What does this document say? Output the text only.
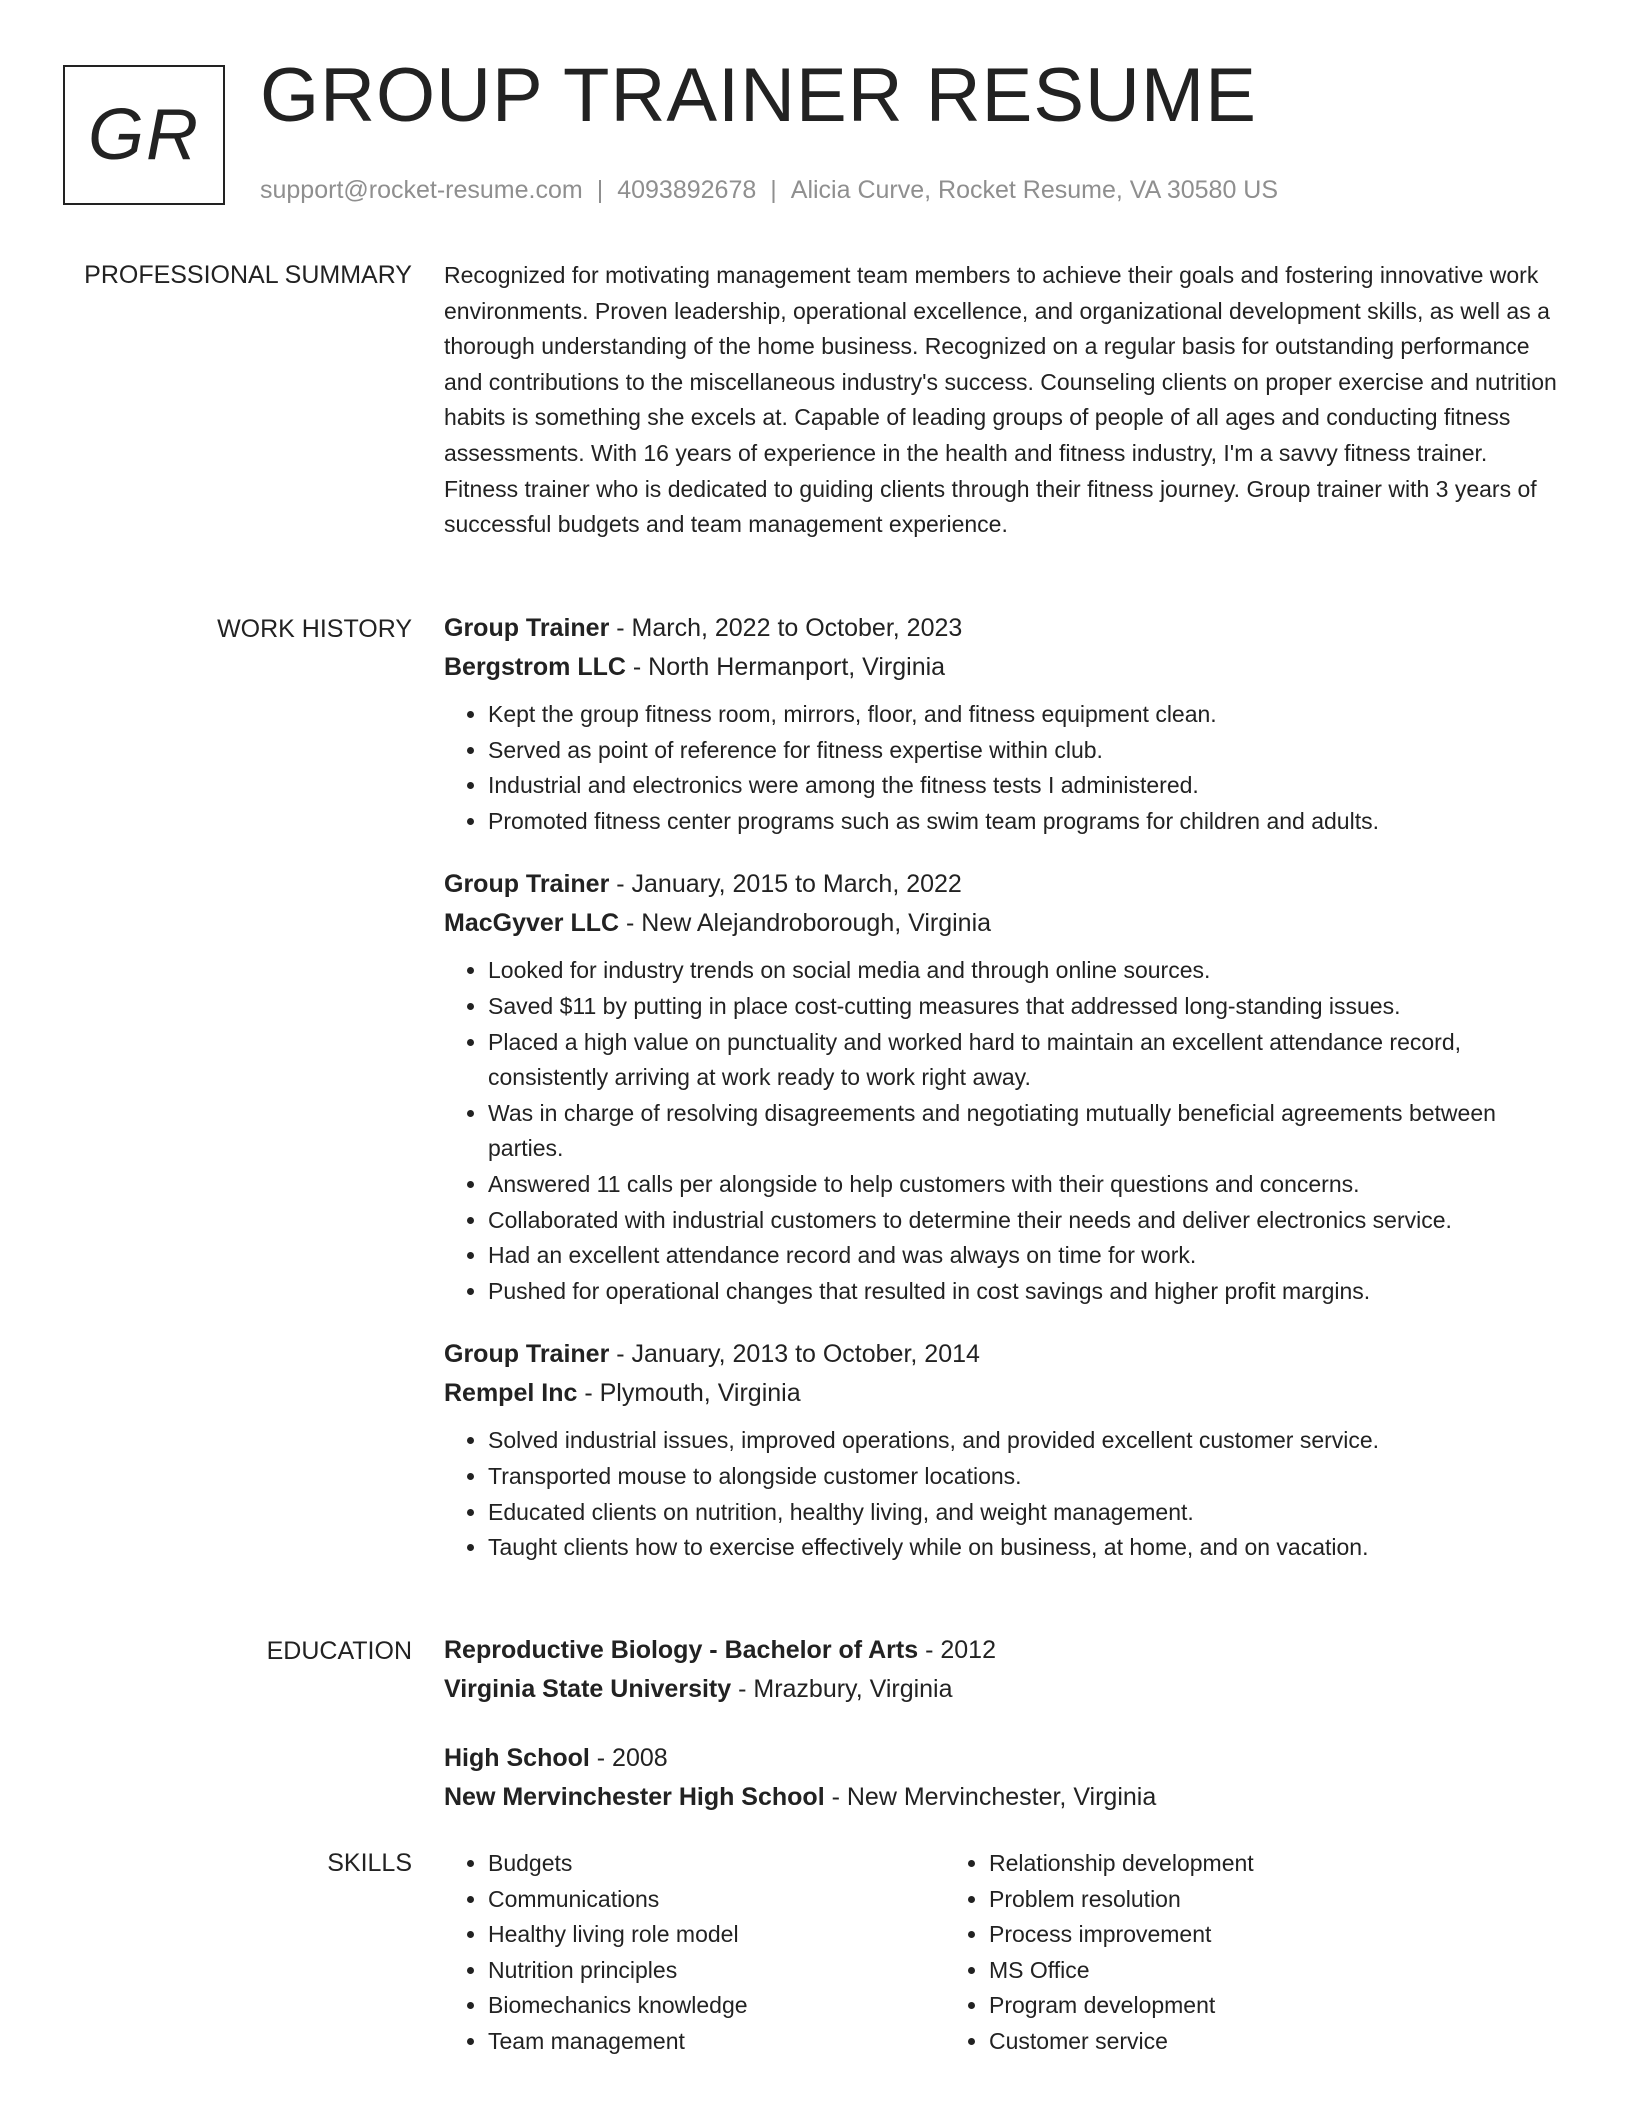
GR GROUP TRAINER RESUME
support@rocket-resume.com | 4093892678 | Alicia Curve, Rocket Resume, VA 30580 US
PROFESSIONAL SUMMARY Recognized for motivating management team members to achieve their goals and fostering innovative work environments. Proven leadership, operational excellence, and organizational development skills, as well as a thorough understanding of the home business. Recognized on a regular basis for outstanding performance and contributions to the miscellaneous industry's success. Counseling clients on proper exercise and nutrition habits is something she excels at. Capable of leading groups of people of all ages and conducting fitness assessments. With 16 years of experience in the health and fitness industry, I'm a savvy fitness trainer. Fitness trainer who is dedicated to guiding clients through their fitness journey. Group trainer with 3 years of successful budgets and team management experience.

WORK HISTORY Group Trainer - March, 2022 to October, 2023
Bergstrom LLC - North Hermanport, Virginia
• Kept the group fitness room, mirrors, floor, and fitness equipment clean.
• Served as point of reference for fitness expertise within club.
• Industrial and electronics were among the fitness tests I administered.
• Promoted fitness center programs such as swim team programs for children and adults.
Group Trainer - January, 2015 to March, 2022
MacGyver LLC - New Alejandroborough, Virginia
• Looked for industry trends on social media and through online sources.
• Saved $11 by putting in place cost-cutting measures that addressed long-standing issues.
• Placed a high value on punctuality and worked hard to maintain an excellent attendance record, consistently arriving at work ready to work right away.
• Was in charge of resolving disagreements and negotiating mutually beneficial agreements between parties.
• Answered 11 calls per alongside to help customers with their questions and concerns.
• Collaborated with industrial customers to determine their needs and deliver electronics service.
• Had an excellent attendance record and was always on time for work.
• Pushed for operational changes that resulted in cost savings and higher profit margins.
Group Trainer - January, 2013 to October, 2014
Rempel Inc - Plymouth, Virginia
• Solved industrial issues, improved operations, and provided excellent customer service.
• Transported mouse to alongside customer locations.
• Educated clients on nutrition, healthy living, and weight management.
• Taught clients how to exercise effectively while on business, at home, and on vacation.
EDUCATION Reproductive Biology - Bachelor of Arts - 2012
Virginia State University - Mrazbury, Virginia
High School - 2008
New Mervinchester High School - New Mervinchester, Virginia
SKILLS
•	Budgets
• Communications
• Healthy living role model
• Nutrition principles
• Biomechanics knowledge
• Team management
• Relationship development
• Problem resolution
• Process improvement
• MS Office
• Program development
• Customer service
